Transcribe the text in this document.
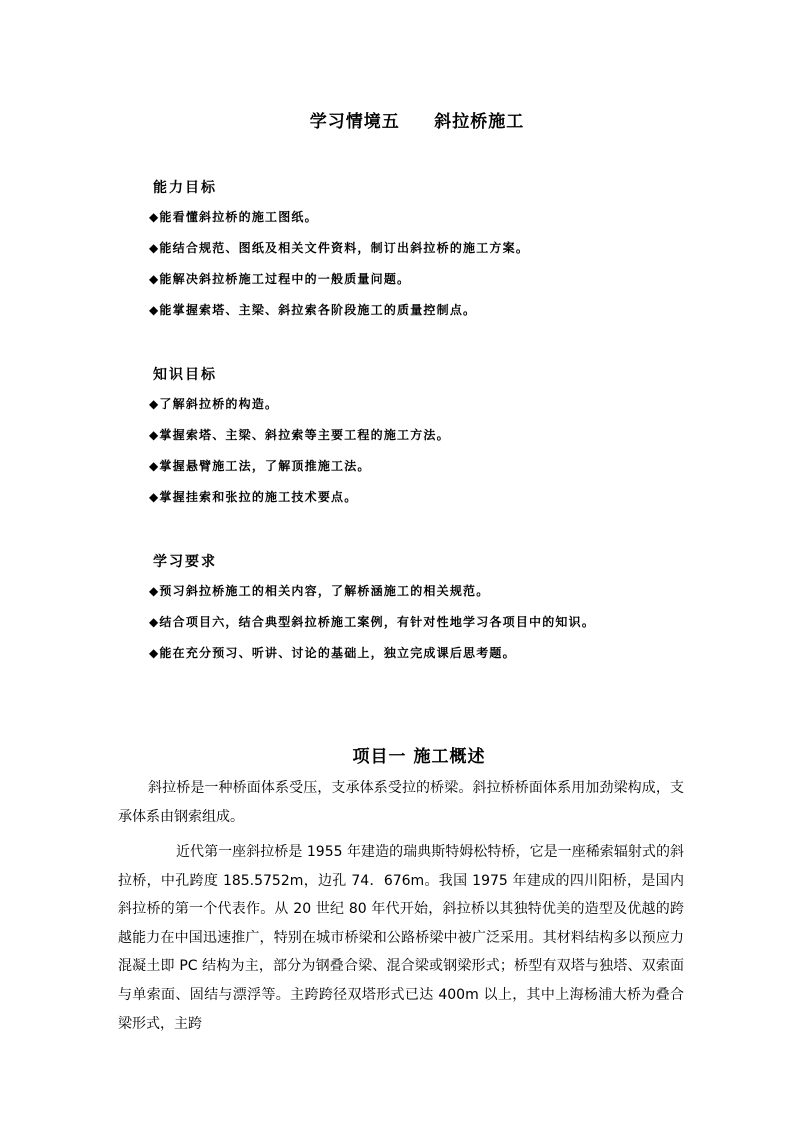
学习情境五     斜拉桥施工
能力目标
◆能看懂斜拉桥的施工图纸。
◆能结合规范、图纸及相关文件资料，制订出斜拉桥的施工方案。
◆能解决斜拉桥施工过程中的一般质量问题。
◆能掌握索塔、主梁、斜拉索各阶段施工的质量控制点。
知识目标
◆了解斜拉桥的构造。
◆掌握索塔、主梁、斜拉索等主要工程的施工方法。
◆掌握悬臂施工法，了解顶推施工法。
◆掌握挂索和张拉的施工技术要点。
学习要求
◆预习斜拉桥施工的相关内容，了解桥涵施工的相关规范。
◆结合项目六，结合典型斜拉桥施工案例，有针对性地学习各项目中的知识。
◆能在充分预习、听讲、讨论的基础上，独立完成课后思考题。
项目一 施工概述
斜拉桥是一种桥面体系受压，支承体系受拉的桥梁。斜拉桥桥面体系用加劲梁构成，支承体系由钢索组成。
近代第一座斜拉桥是 1955 年建造的瑞典斯特姆松特桥，它是一座稀索辐射式的斜拉桥，中孔跨度 185.5752m，边孔 74．676m。我国 1975 年建成的四川阳桥，是国内斜拉桥的第一个代表作。从 20 世纪 80 年代开始，斜拉桥以其独特优美的造型及优越的跨越能力在中国迅速推广，特别在城市桥梁和公路桥梁中被广泛采用。其材料结构多以预应力混凝土即 PC 结构为主，部分为钢叠合梁、混合梁或钢梁形式；桥型有双塔与独塔、双索面与单索面、固结与漂浮等。主跨跨径双塔形式已达 400m 以上，其中上海杨浦大桥为叠合梁形式，主跨
